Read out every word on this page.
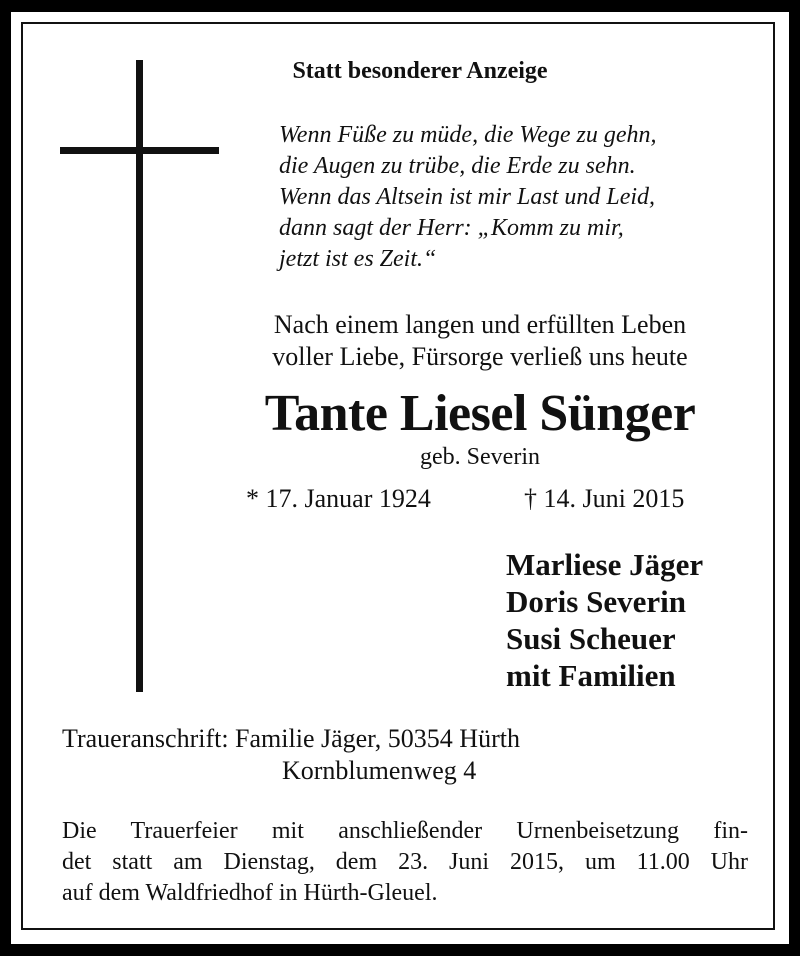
Statt besonderer Anzeige
Wenn Füße zu müde, die Wege zu gehn,
die Augen zu trübe, die Erde zu sehn.
Wenn das Altsein ist mir Last und Leid,
dann sagt der Herr: „Komm zu mir,
jetzt ist es Zeit.“
Nach einem langen und erfüllten Leben
voller Liebe, Fürsorge verließ uns heute
Tante Liesel Sünger
geb. Severin
* 17. Januar 1924	† 14. Juni 2015
Marliese Jäger
Doris Severin
Susi Scheuer
mit Familien
Traueranschrift: Familie Jäger, 50354 Hürth
Kornblumenweg 4
Die Trauerfeier mit anschließender Urnenbeisetzung fin-
det statt am Dienstag, dem 23. Juni 2015, um 11.00 Uhr
auf dem Waldfriedhof in Hürth-Gleuel.
